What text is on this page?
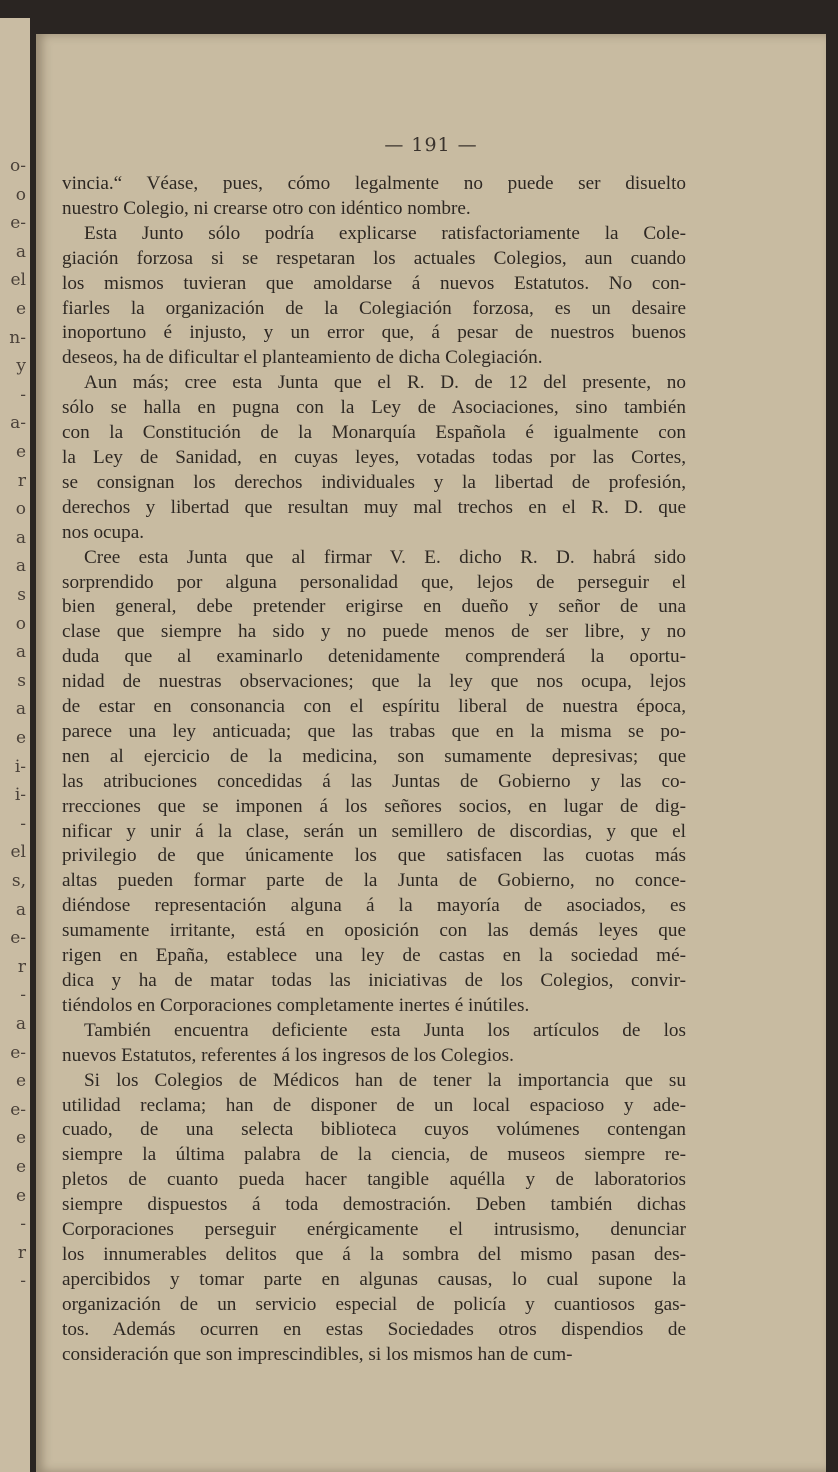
o-
o
e-
a
el
e
n-
y
-
a-
e
r
o
a
a
s
o
a
s
a
e
i-
i-
-
el
s,
a
e-
r
-
a
e-
e
e-
e
e
e
-
r
-
— 191 —

vincia.“ Véase, pues, cómo legalmente no puede ser disuelto
nuestro Colegio, ni crearse otro con idéntico nombre.

Esta Junto sólo podría explicarse ratisfactoriamente la Cole-
giación forzosa si se respetaran los actuales Colegios, aun cuando
los mismos tuvieran que amoldarse á nuevos Estatutos. No con-
fiarles la organización de la Colegiación forzosa, es un desaire
inoportuno é injusto, y un error que, á pesar de nuestros buenos
deseos, ha de dificultar el planteamiento de dicha Colegiación.

Aun más; cree esta Junta que el R. D. de 12 del presente, no
sólo se halla en pugna con la Ley de Asociaciones, sino también
con la Constitución de la Monarquía Española é igualmente con
la Ley de Sanidad, en cuyas leyes, votadas todas por las Cortes,
se consignan los derechos individuales y la libertad de profesión,
derechos y libertad que resultan muy mal trechos en el R. D. que
nos ocupa.

Cree esta Junta que al firmar V. E. dicho R. D. habrá sido
sorprendido por alguna personalidad que, lejos de perseguir el
bien general, debe pretender erigirse en dueño y señor de una
clase que siempre ha sido y no puede menos de ser libre, y no
duda que al examinarlo detenidamente comprenderá la oportu-
nidad de nuestras observaciones; que la ley que nos ocupa, lejos
de estar en consonancia con el espíritu liberal de nuestra época,
parece una ley anticuada; que las trabas que en la misma se po-
nen al ejercicio de la medicina, son sumamente depresivas; que
las atribuciones concedidas á las Juntas de Gobierno y las co-
rrecciones que se imponen á los señores socios, en lugar de dig-
nificar y unir á la clase, serán un semillero de discordias, y que el
privilegio de que únicamente los que satisfacen las cuotas más
altas pueden formar parte de la Junta de Gobierno, no conce-
diéndose representación alguna á la mayoría de asociados, es
sumamente irritante, está en oposición con las demás leyes que
rigen en Epaña, establece una ley de castas en la sociedad mé-
dica y ha de matar todas las iniciativas de los Colegios, convir-
tiéndolos en Corporaciones completamente inertes é inútiles.

También encuentra deficiente esta Junta los artículos de los
nuevos Estatutos, referentes á los ingresos de los Colegios.

Si los Colegios de Médicos han de tener la importancia que su
utilidad reclama; han de disponer de un local espacioso y ade-
cuado, de una selecta biblioteca cuyos volúmenes contengan
siempre la última palabra de la ciencia, de museos siempre re-
pletos de cuanto pueda hacer tangible aquélla y de laboratorios
siempre dispuestos á toda demostración. Deben también dichas
Corporaciones perseguir enérgicamente el intrusismo, denunciar
los innumerables delitos que á la sombra del mismo pasan des-
apercibidos y tomar parte en algunas causas, lo cual supone la
organización de un servicio especial de policía y cuantiosos gas-
tos. Además ocurren en estas Sociedades otros dispendios de
consideración que son imprescindibles, si los mismos han de cum-
